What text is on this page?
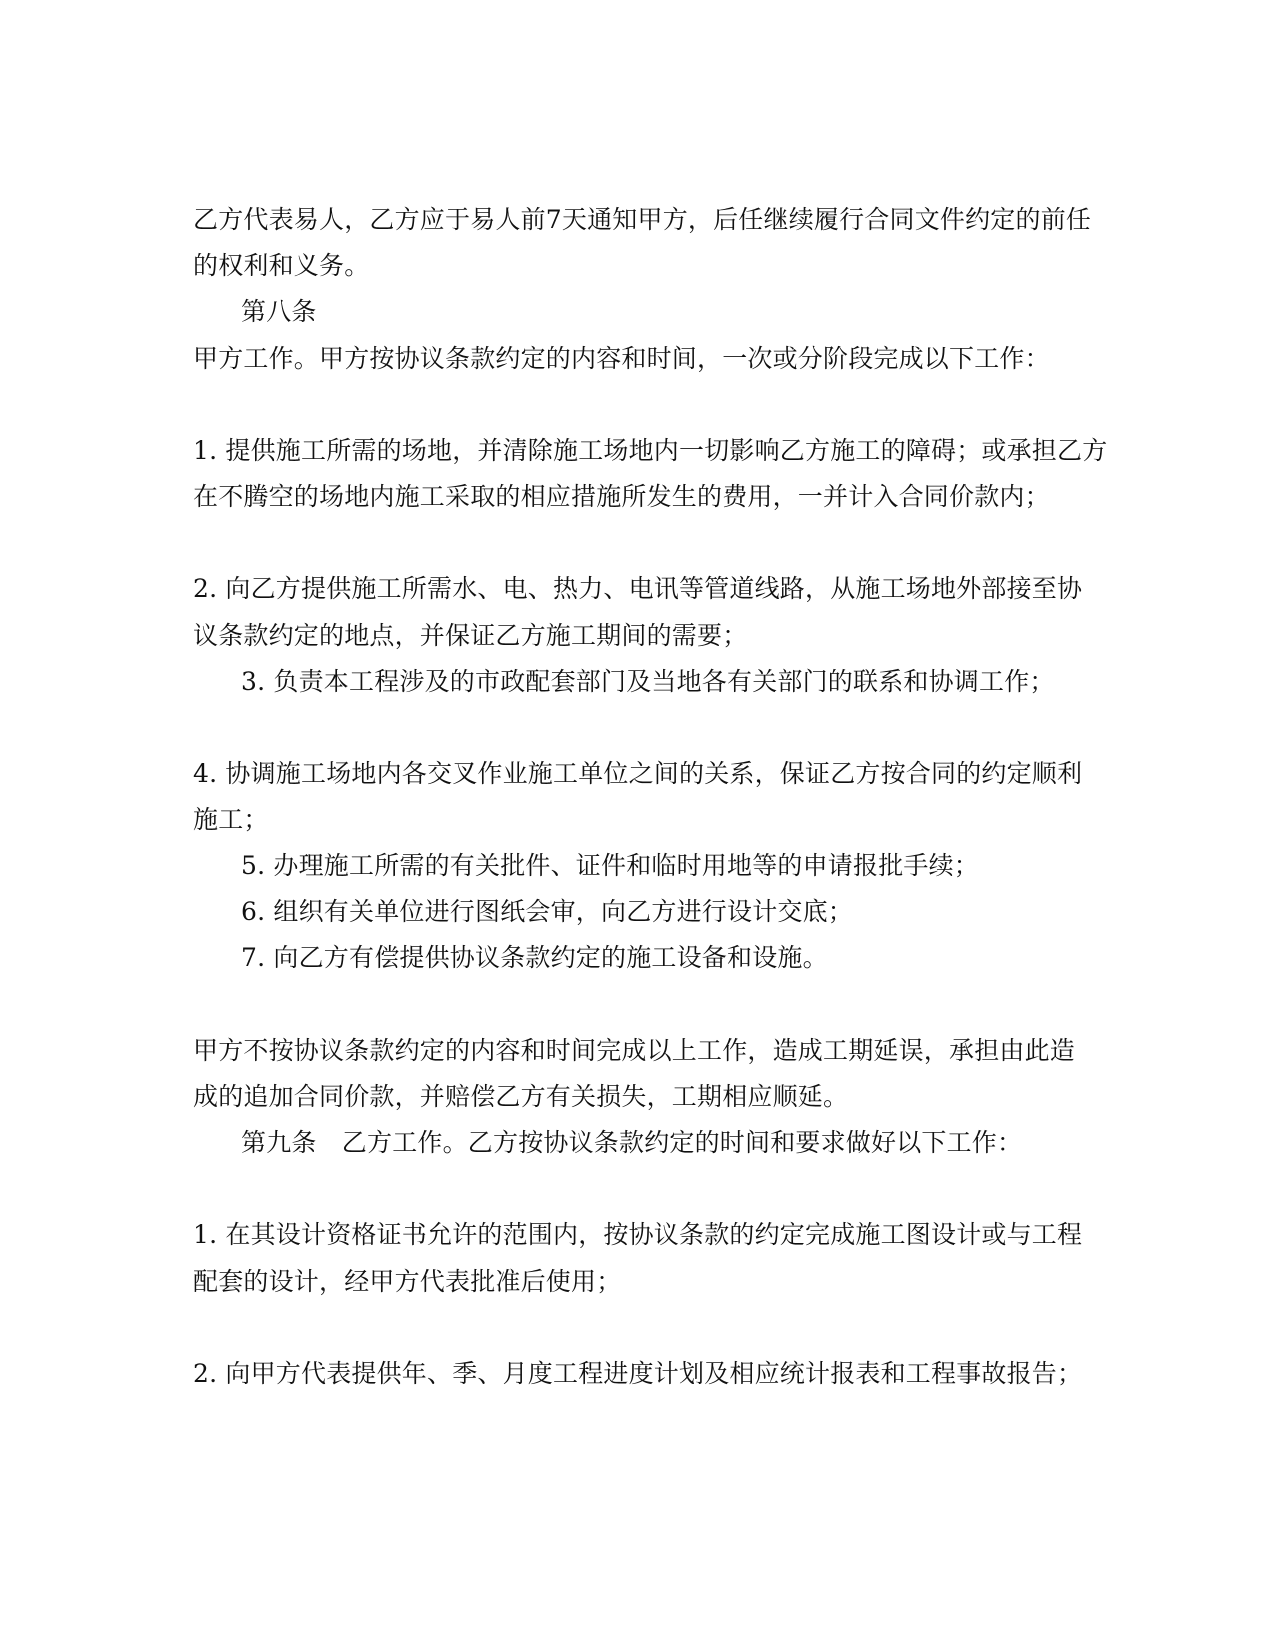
乙方代表易人，乙方应于易人前7天通知甲方，后任继续履行合同文件约定的前任
的权利和义务。
第八条
甲方工作。甲方按协议条款约定的内容和时间，一次或分阶段完成以下工作：
1. 提供施工所需的场地，并清除施工场地内一切影响乙方施工的障碍；或承担乙方
在不腾空的场地内施工采取的相应措施所发生的费用，一并计入合同价款内；
2. 向乙方提供施工所需水、电、热力、电讯等管道线路，从施工场地外部接至协
议条款约定的地点，并保证乙方施工期间的需要；
3. 负责本工程涉及的市政配套部门及当地各有关部门的联系和协调工作；
4. 协调施工场地内各交叉作业施工单位之间的关系，保证乙方按合同的约定顺利
施工；
5. 办理施工所需的有关批件、证件和临时用地等的申请报批手续；
6. 组织有关单位进行图纸会审，向乙方进行设计交底；
7. 向乙方有偿提供协议条款约定的施工设备和设施。
甲方不按协议条款约定的内容和时间完成以上工作，造成工期延误，承担由此造
成的追加合同价款，并赔偿乙方有关损失，工期相应顺延。
第九条　乙方工作。乙方按协议条款约定的时间和要求做好以下工作：
1. 在其设计资格证书允许的范围内，按协议条款的约定完成施工图设计或与工程
配套的设计，经甲方代表批准后使用；
2. 向甲方代表提供年、季、月度工程进度计划及相应统计报表和工程事故报告；
